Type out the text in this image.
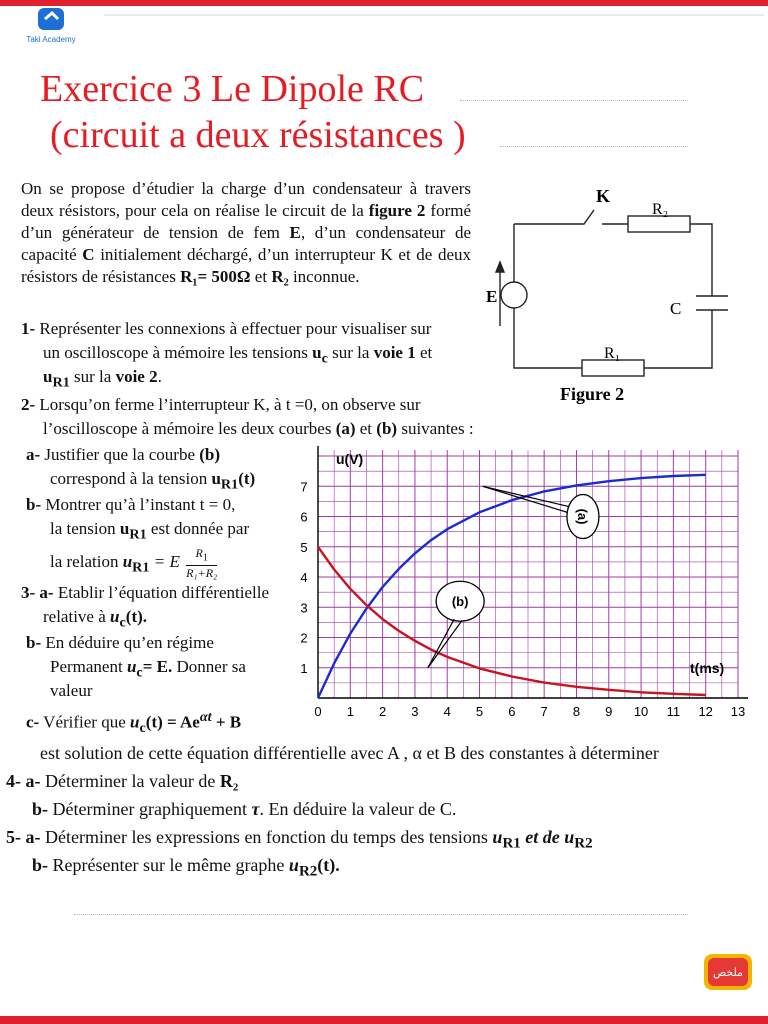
Taki Academy
Exercice 3 Le Dipole RC
(circuit a deux résistances )
On se propose d’étudier la charge d’un condensateur à travers deux résistors, pour cela on réalise le circuit de la figure 2 formé d’un générateur de tension de fem E, d’un condensateur de capacité C initialement déchargé, d’un interrupteur K et de deux résistors de résistances R₁= 500Ω et R₂ inconnue.
K
R₂
E
C
R₁
Figure 2
1- Représenter les connexions à effectuer pour visualiser sur
un oscilloscope à mémoire les tensions $u_c$ sur la voie 1 et
$u_{R1}$ sur la voie 2.
2- Lorsqu’on ferme l’interrupteur K, à t =0, on observe sur
l’oscilloscope à mémoire les deux courbes (a) et (b) suivantes :
a- Justifier que la courbe (b)
correspond à la tension $u_{R1}(t)$
b- Montrer qu’à l’instant t = 0,
la tension $u_{R1}$ est donnée par
la relation $u_{R1} = E \frac{R_1}{\text{R₁+R₂}}$
3- a- Etablir l’équation différentielle
relative à $u_c(t)$.
b- En déduire qu’en régime
Permanent $u_c= E$. Donner sa
valeur
c- Vérifier que $u_c(t) = Ae^{\alpha t} + B$
est solution de cette équation différentielle avec A , α et B des constantes à déterminer
4- a- Déterminer la valeur de R₂
b- Déterminer graphiquement τ. En déduire la valeur de C.
5- a- Déterminer les expressions en fonction du temps des tensions $u_{R1}$ et de $u_{R2}$
b- Représenter sur le même graphe $u_{R2}(t)$.
0 1 2 3 4 5 6 7 8 9 10 11 12 13
1
2
3
4
5
6
7
(a)
(b)
u(V)
t(ms)
ملخص
